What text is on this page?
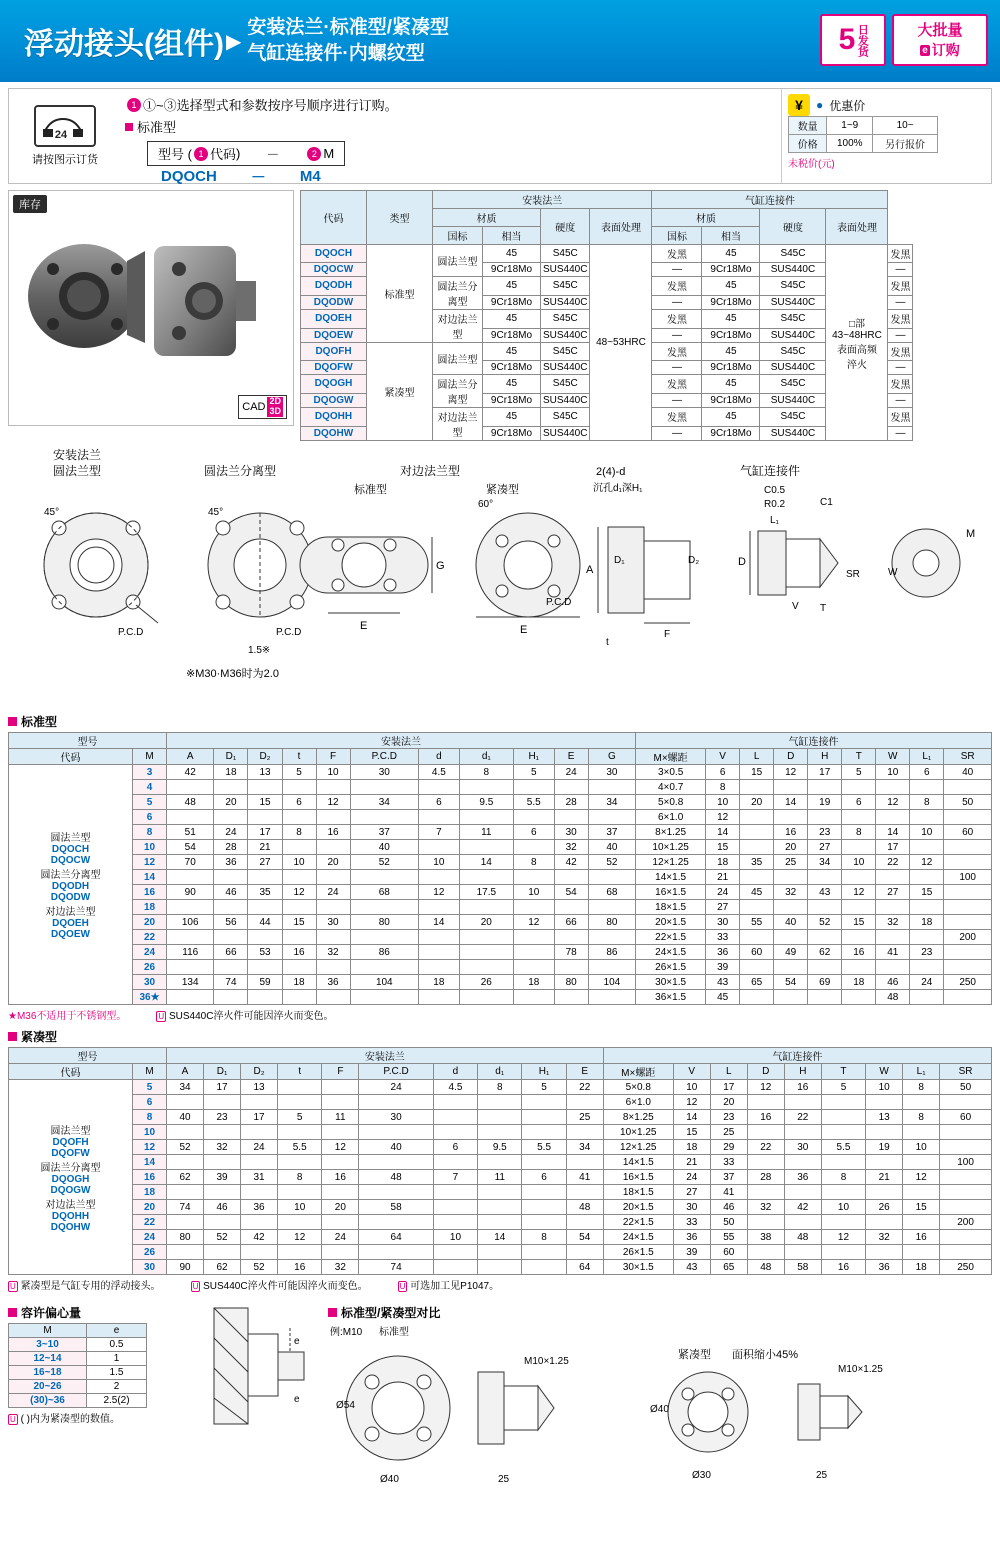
浮动接头(组件) ▶
安装法兰·标准型/紧凑型
气缸连接件·内螺纹型	5 日发货	大批量
e 订购
24
请按图示订货
1 ①~③选择型式和参数按序号顺序进行订购。
标准型
型号 ( 1 代码 ) －	2 M
DQOCH － M4
¥	● 优惠价
数量	1~9	10~
价格	100%	另行报价
未税价(元)
库存
CAD 2D
3D
代码	类型	安装法兰				气缸连接件				
		材质		硬度	表面处理	材质		硬度	表面处理	
		国标	相当			国标	相当			
DQOCH	标准型	圆法兰型	45	S45C	48~53HRC	发黑	45	S45C	□部
43~48HRC
表面高频
淬火	发黑
DQOCW			9Cr18Mo	SUS440C		—	9Cr18Mo	SUS440C		—
DQODH		圆法兰分离型	45	S45C		发黑	45	S45C		发黑
DQODW			9Cr18Mo	SUS440C		—	9Cr18Mo	SUS440C		—
DQOEH		对边法兰型	45	S45C		发黑	45	S45C		发黑
DQOEW			9Cr18Mo	SUS440C		—	9Cr18Mo	SUS440C		—
DQOFH	紧凑型	圆法兰型	45	S45C		发黑	45	S45C		发黑
DQOFW			9Cr18Mo	SUS440C		—	9Cr18Mo	SUS440C		—
DQOGH		圆法兰分离型	45	S45C		发黑	45	S45C		发黑
DQOGW			9Cr18Mo	SUS440C		—	9Cr18Mo	SUS440C		—
DQOHH		对边法兰型	45	S45C		发黑	45	S45C		发黑
DQOHW			9Cr18Mo	SUS440C		—	9Cr18Mo	SUS440C		—
安装法兰
圆法兰型
45°
P.C.D
圆法兰分离型
45°
P.C.D
1.5※
※M30·M36时为2.0
对边法兰型
标准型
E
G
紧凑型
60°
E
P.C.D
2(4)-d
沉孔d₁深H₁
A
D₁	D₂
F
t
气缸连接件
C0.5
R0.2	C1
D
L₁
SR
V T
M
W
标准型
型号		安装法兰											气缸连接件								
代码	M	A	D₁	D₂	t	F	P.C.D	d	d₁	H₁	E	G	M×螺距	V	L	D	H	T	W	L₁	SR

圆法兰型
DQOCH
DQOCW
圆法兰分离型
DQODH
DQODW
对边法兰型
DQOEH
DQOEW
	3	42	18	13	5	10	30	4.5	8	5	24	30	3×0.5	6	15	12	17	5	10	6	40
	4												4×0.7	8							
	5	48	20	15	6	12	34	6	9.5	5.5	28	34	5×0.8	10	20	14	19	6	12	8	50
	6												6×1.0	12							
	8	51	24	17	8	16	37	7	11	6	30	37	8×1.25	14		16	23	8	14	10	60
	10	54	28	21			40				32	40	10×1.25	15		20	27		17		
	12	70	36	27	10	20	52	10	14	8	42	52	12×1.25	18	35	25	34	10	22	12	
	14												14×1.5	21							100
	16	90	46	35	12	24	68	12	17.5	10	54	68	16×1.5	24	45	32	43	12	27	15	
	18												18×1.5	27							
	20	106	56	44	15	30	80	14	20	12	66	80	20×1.5	30	55	40	52	15	32	18	
	22												22×1.5	33							200
	24	116	66	53	16	32	86				78	86	24×1.5	36	60	49	62	16	41	23	
	26												26×1.5	39							
	30	134	74	59	18	36	104	18	26	18	80	104	30×1.5	43	65	54	69	18	46	24	250
	36★												36×1.5	45					48		
★M36不适用于不锈钢型。	U SUS440C淬火件可能因淬火而变色。
紧凑型
型号		安装法兰										气缸连接件								
代码	M	A	D₁	D₂	t	F	P.C.D	d	d₁	H₁	E	M×螺距	V	L	D	H	T	W	L₁	SR

圆法兰型
DQOFH
DQOFW
圆法兰分离型
DQOGH
DQOGW
对边法兰型
DQOHH
DQOHW
	5	34	17	13			24	4.5	8	5	22	5×0.8	10	17	12	16	5	10	8	50
	6											6×1.0	12	20						
	8	40	23	17	5	11	30				25	8×1.25	14	23	16	22		13	8	60
	10											10×1.25	15	25						
	12	52	32	24	5.5	12	40	6	9.5	5.5	34	12×1.25	18	29	22	30	5.5	19	10	
	14											14×1.5	21	33						100
	16	62	39	31	8	16	48	7	11	6	41	16×1.5	24	37	28	36	8	21	12	
	18											18×1.5	27	41						
	20	74	46	36	10	20	58				48	20×1.5	30	46	32	42	10	26	15	
	22											22×1.5	33	50						200
	24	80	52	42	12	24	64	10	14	8	54	24×1.5	36	55	38	48	12	32	16	
	26											26×1.5	39	60						
	30	90	62	52	16	32	74				64	30×1.5	43	65	48	58	16	36	18	250
U 紧凑型是气缸专用的浮动接头。	U SUS440C淬火件可能因淬火而变色。	U 可选加工见P1047。
容许偏心量
M	e
3~10	0.5
12~14	1
16~18	1.5
20~26	2
(30)~36	2.5(2)
U ( )内为紧凑型的数值。
e
e
标准型/紧凑型对比
例:M10 标准型
Ø54
Ø40
M10×1.25
25
紧凑型 面积缩小45%
Ø40
Ø30
M10×1.25
25
